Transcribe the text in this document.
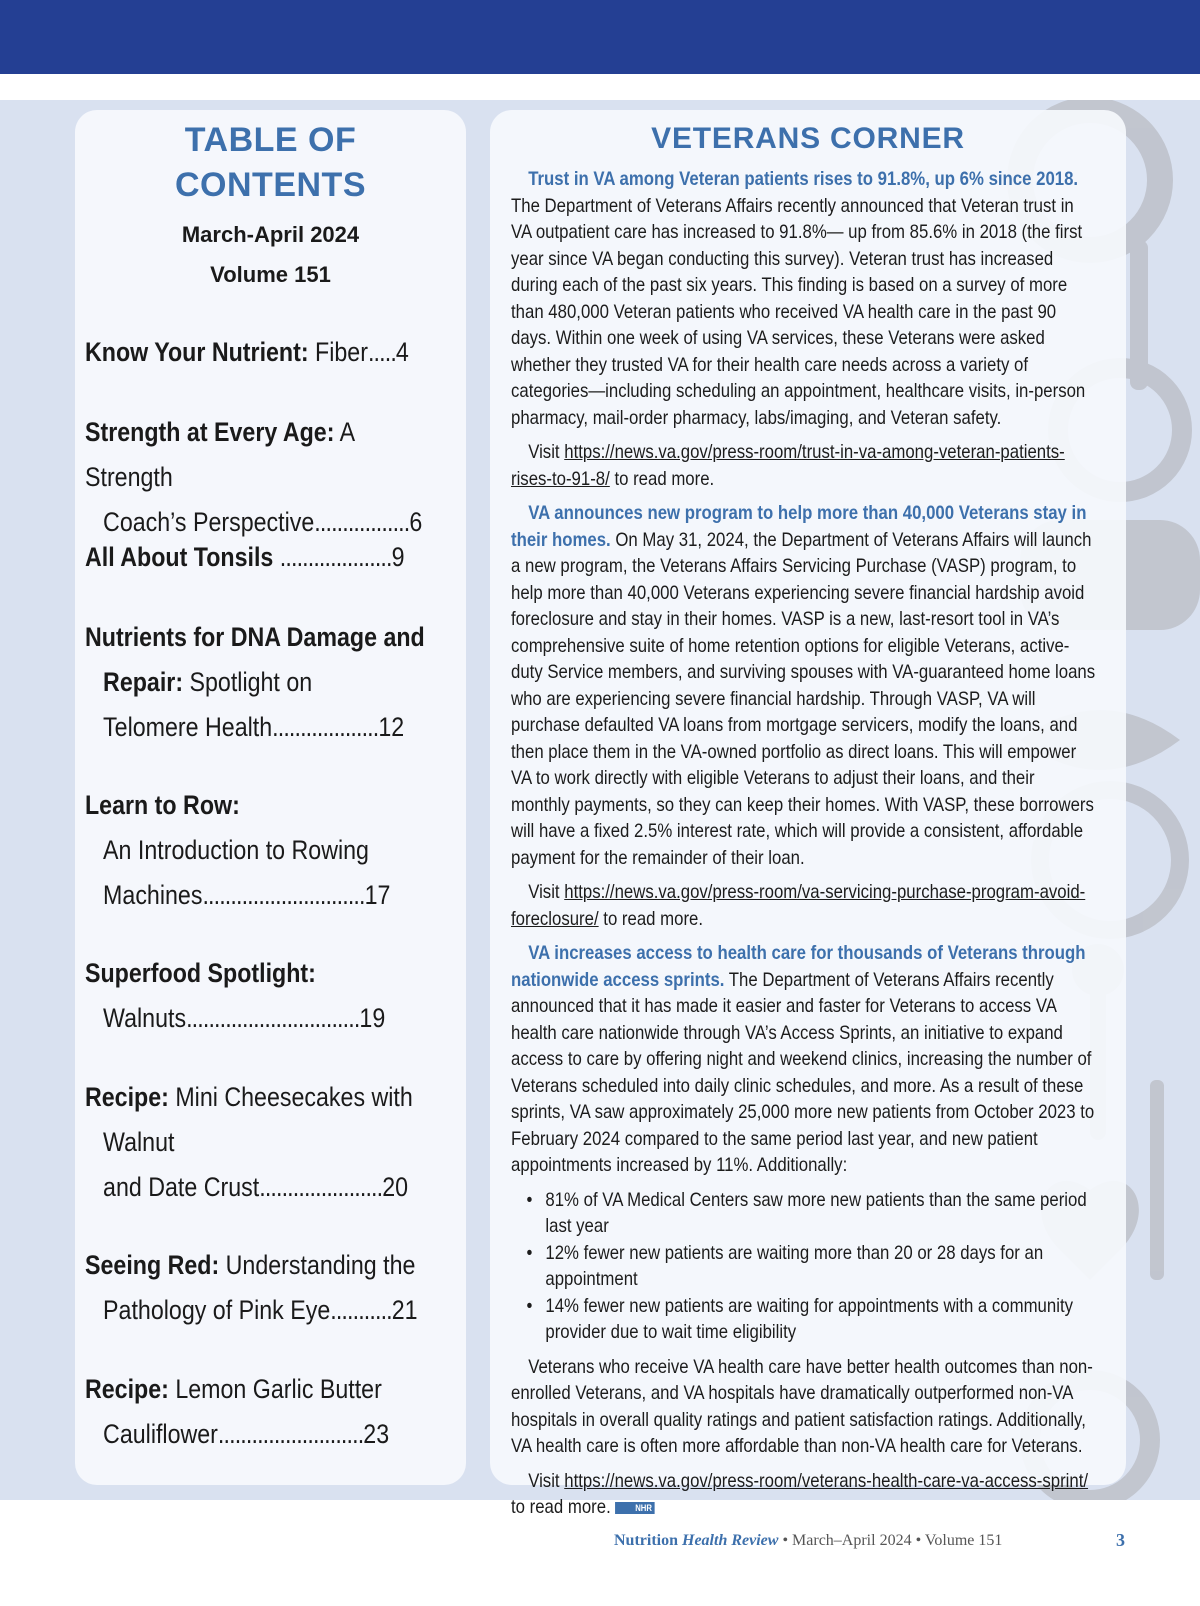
TABLE OF
CONTENTS
March-April 2024
Volume 151
Know Your Nutrient: Fiber.....4
Strength at Every Age: A Strength
Coach’s Perspective.................6
All About Tonsils ....................9
Nutrients for DNA Damage and
Repair: Spotlight on
Telomere Health...................12
Learn to Row:
An Introduction to Rowing
Machines.............................17
Superfood Spotlight:
Walnuts...............................19
Recipe: Mini Cheesecakes with
Walnut
and Date Crust......................20
Seeing Red: Understanding the
Pathology of Pink Eye...........21
Recipe: Lemon Garlic Butter
Cauliflower..........................23
VETERANS CORNER

Trust in VA among Veteran patients rises to 91.8%, up 6% since 2018. The Department of Veterans Affairs recently announced that Veteran trust in VA outpatient care has increased to 91.8%— up from 85.6% in 2018 (the first year since VA began conducting this survey). Veteran trust has increased during each of the past six years. This finding is based on a survey of more than 480,000 Veteran patients who received VA health care in the past 90 days. Within one week of using VA services, these Veterans were asked whether they trusted VA for their health care needs across a variety of categories—including scheduling an appointment, healthcare visits, in-person pharmacy, mail-order pharmacy, labs/imaging, and Veteran safety.

Visit https://news.va.gov/press-room/trust-in-va-among-veteran-patients-rises-to-91-8/ to read more.

VA announces new program to help more than 40,000 Veterans stay in their homes. On May 31, 2024, the Department of Veterans Affairs will launch a new program, the Veterans Affairs Servicing Purchase (VASP) program, to help more than 40,000 Veterans experiencing severe financial hardship avoid foreclosure and stay in their homes. VASP is a new, last-resort tool in VA’s comprehensive suite of home retention options for eligible Veterans, active-duty Service members, and surviving spouses with VA-guaranteed home loans who are experiencing severe financial hardship. Through VASP, VA will purchase defaulted VA loans from mortgage servicers, modify the loans, and then place them in the VA-owned portfolio as direct loans. This will empower VA to work directly with eligible Veterans to adjust their loans, and their monthly payments, so they can keep their homes. With VASP, these borrowers will have a fixed 2.5% interest rate, which will provide a consistent, affordable payment for the remainder of their loan.

Visit https://news.va.gov/press-room/va-servicing-purchase-program-avoid-foreclosure/ to read more.

VA increases access to health care for thousands of Veterans through nationwide access sprints. The Department of Veterans Affairs recently announced that it has made it easier and faster for Veterans to access VA health care nationwide through VA’s Access Sprints, an initiative to expand access to care by offering night and weekend clinics, increasing the number of Veterans scheduled into daily clinic schedules, and more. As a result of these sprints, VA saw approximately 25,000 more new patients from October 2023 to February 2024 compared to the same period last year, and new patient appointments increased by 11%. Additionally:

• 81% of VA Medical Centers saw more new patients than the same period last year
• 12% fewer new patients are waiting more than 20 or 28 days for an appointment
• 14% fewer new patients are waiting for appointments with a community provider due to wait time eligibility

Veterans who receive VA health care have better health outcomes than non-enrolled Veterans, and VA hospitals have dramatically outperformed non-VA hospitals in overall quality ratings and patient satisfaction ratings. Additionally, VA health care is often more affordable than non-VA health care for Veterans.

Visit https://news.va.gov/press-room/veterans-health-care-va-access-sprint/ to read more.	NHR

Nutrition Health Review • March–April 2024 • Volume 151	3
